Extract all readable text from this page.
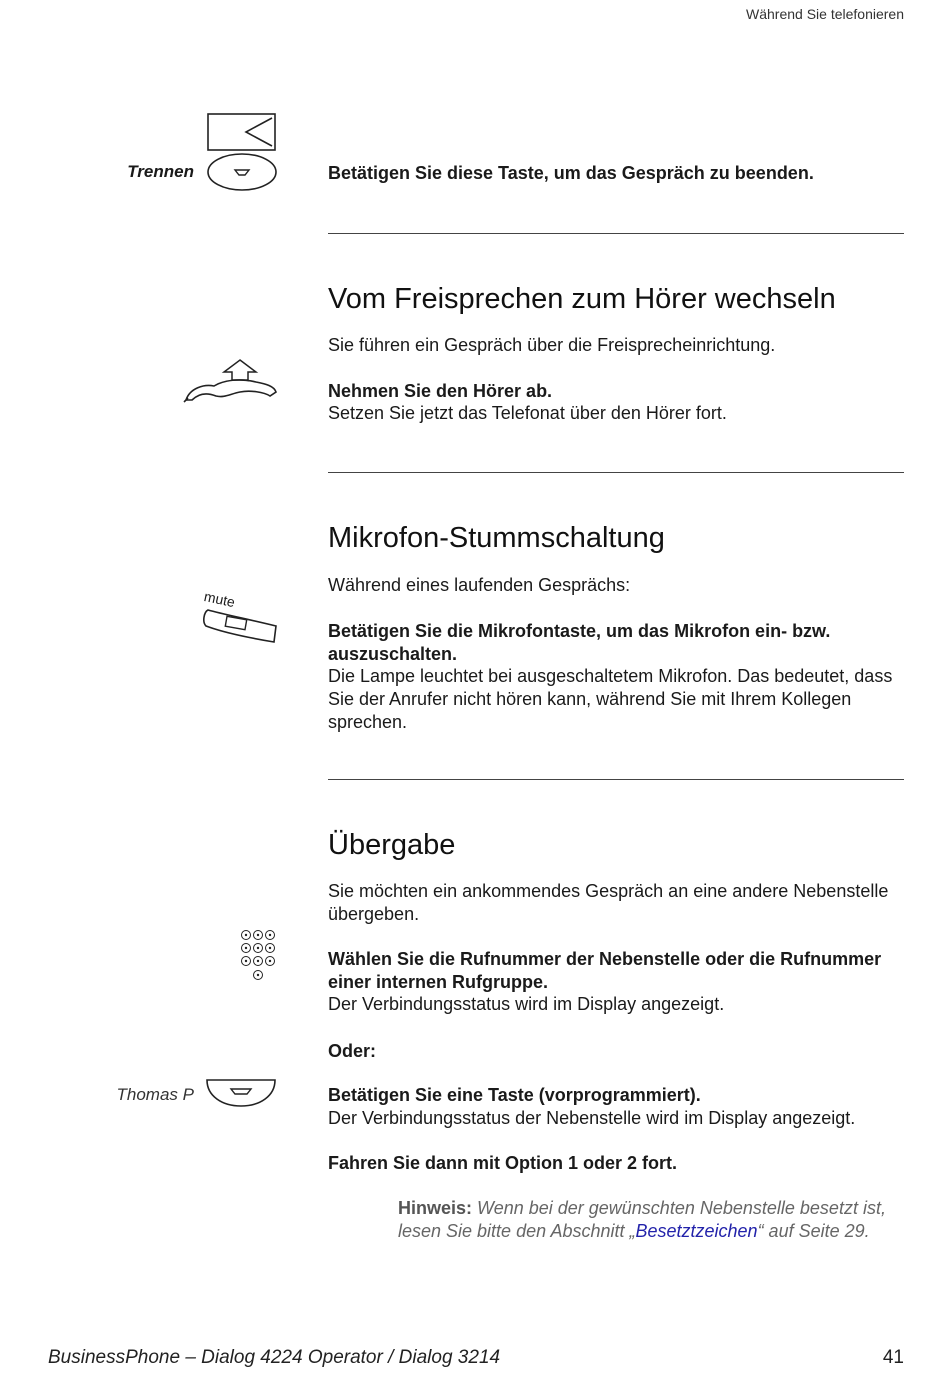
Während Sie telefonieren
Trennen	Betätigen Sie diese Taste, um das Gespräch zu beenden.
Vom Freisprechen zum Hörer wechseln
Sie führen ein Gespräch über die Freisprecheinrichtung.
Nehmen Sie den Hörer ab.
Setzen Sie jetzt das Telefonat über den Hörer fort.
Mikrofon-Stummschaltung
Während eines laufenden Gesprächs:
mute
Betätigen Sie die Mikrofontaste, um das Mikrofon ein- bzw. auszuschalten.
Die Lampe leuchtet bei ausgeschaltetem Mikrofon. Das bedeutet, dass Sie der Anrufer nicht hören kann, während Sie mit Ihrem Kollegen sprechen.
Übergabe
Sie möchten ein ankommendes Gespräch an eine andere Nebenstelle übergeben.
Wählen Sie die Rufnummer der Nebenstelle oder die Rufnummer einer internen Rufgruppe.
Der Verbindungsstatus wird im Display angezeigt.
Oder:
Thomas P	Betätigen Sie eine Taste (vorprogrammiert).
Der Verbindungsstatus der Nebenstelle wird im Display angezeigt.
Fahren Sie dann mit Option 1 oder 2 fort.
Hinweis: Wenn bei der gewünschten Nebenstelle besetzt ist, lesen Sie bitte den Abschnitt „Besetztzeichen“ auf Seite 29.
BusinessPhone – Dialog 4224 Operator / Dialog 3214	41
